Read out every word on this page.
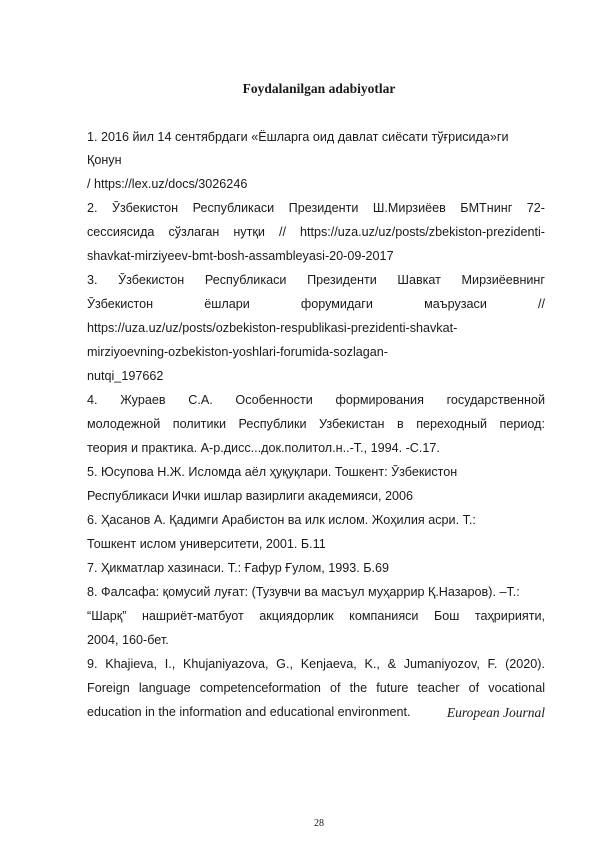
Foydalanilgan adabiyotlar
1. 2016 йил 14 сентябрдаги «Ёшларга оид давлат сиёсати тўғрисида»ги
Қонун
/ https://lex.uz/docs/3026246
2. Ўзбекистон Республикаси Президенти Ш.Мирзиёев БМТнинг 72-
сессиясида сўзлаган нутқи // https://uza.uz/uz/posts/zbekiston-prezidenti-
shavkat-mirziyeev-bmt-bosh-assambleyasi-20-09-2017
3. Ўзбекистон Республикаси Президенти Шавкат Мирзиёевнинг
Ўзбекистон ёшлари форумидаги маърузаси //
https://uza.uz/uz/posts/ozbekiston-respublikasi-prezidenti-shavkat-
mirziyoevning-ozbekiston-yoshlari-forumida-sozlagan-
nutqi_197662
4. Жураев С.А. Особенности формирования государственной
молодежной политики Республики Узбекистан в переходный период:
теория и практика. А-р.дисс...док.политол.н..-Т., 1994. -С.17.
5. Юсупова Н.Ж. Исломда аёл ҳуқуқлари. Тошкент: Ўзбекистон
Республикаси Ички ишлар вазирлиги академияси, 2006
6. Ҳасанов А. Қадимги Арабистон ва илк ислом. Жоҳилия асри. Т.:
Тошкент ислом университети, 2001. Б.11
7. Ҳикматлар хазинаси. Т.: Ғафур Ғулом, 1993. Б.69
8. Фалсафа: қомусий луғат: (Тузувчи ва масъул муҳаррир Қ.Назаров). –Т.:
“Шарқ” нашриёт-матбуот акциядорлик компанияси Бош таҳририяти,
2004, 160-бет.
9. Khajieva, I., Khujaniyazova, G., Kenjaeva, K., & Jumaniyozov, F. (2020).
Foreign language competenceformation of the future teacher of vocational
education in the information and educational environment.	European Journal
28
